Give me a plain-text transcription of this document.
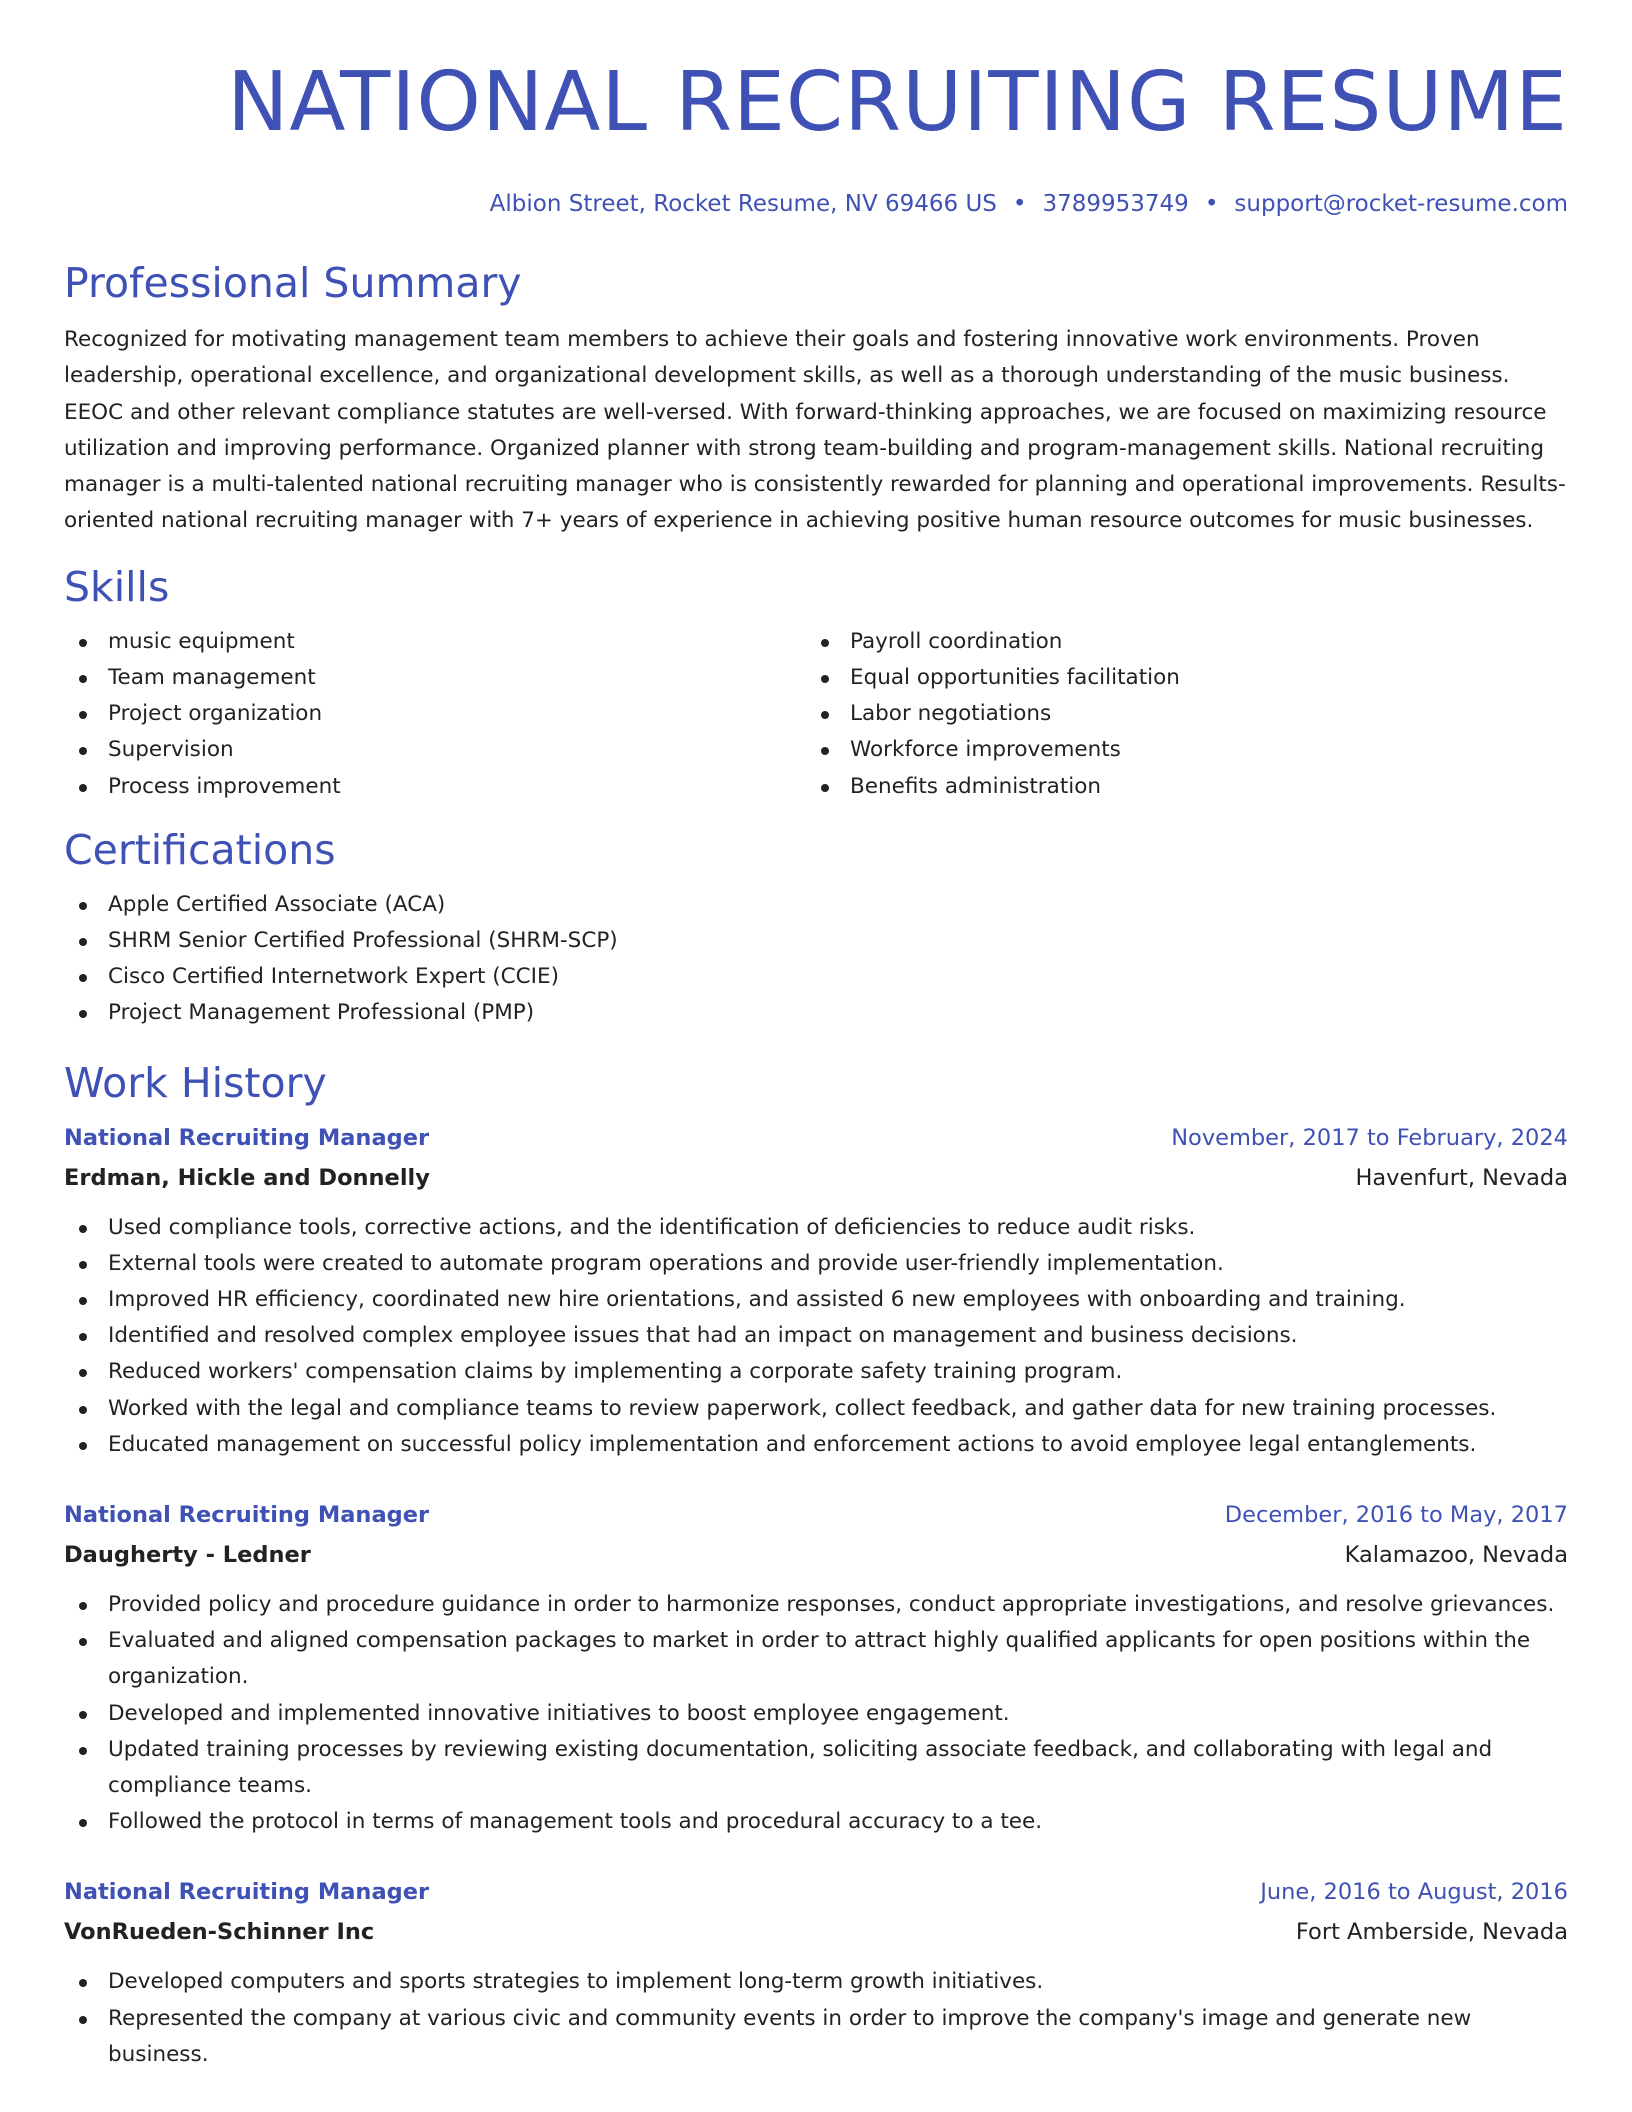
NATIONAL RECRUITING RESUME
Albion Street, Rocket Resume, NV 69466 US • 3789953749 • support@rocket-resume.com
Professional Summary

Recognized for motivating management team members to achieve their goals and fostering innovative work environments. Proven leadership, operational excellence, and organizational development skills, as well as a thorough understanding of the music business. EEOC and other relevant compliance statutes are well-versed. With forward-thinking approaches, we are focused on maximizing resource utilization and improving performance. Organized planner with strong team-building and program-management skills. National recruiting manager is a multi-talented national recruiting manager who is consistently rewarded for planning and operational improvements. Results-oriented national recruiting manager with 7+ years of experience in achieving positive human resource outcomes for music businesses.

Skills
music equipment
Team management
Project organization
Supervision
Process improvement
Payroll coordination
Equal opportunities facilitation
Labor negotiations
Workforce improvements
Benefits administration
Certifications
Apple Certified Associate (ACA)
SHRM Senior Certified Professional (SHRM-SCP)
Cisco Certified Internetwork Expert (CCIE)
Project Management Professional (PMP)
Work History
National Recruiting Manager	November, 2017 to February, 2024
Erdman, Hickle and Donnelly	Havenfurt, Nevada
Used compliance tools, corrective actions, and the identification of deficiencies to reduce audit risks.
External tools were created to automate program operations and provide user-friendly implementation.
Improved HR efficiency, coordinated new hire orientations, and assisted 6 new employees with onboarding and training.
Identified and resolved complex employee issues that had an impact on management and business decisions.
Reduced workers' compensation claims by implementing a corporate safety training program.
Worked with the legal and compliance teams to review paperwork, collect feedback, and gather data for new training processes.
Educated management on successful policy implementation and enforcement actions to avoid employee legal entanglements.
National Recruiting Manager	December, 2016 to May, 2017
Daugherty - Ledner	Kalamazoo, Nevada
Provided policy and procedure guidance in order to harmonize responses, conduct appropriate investigations, and resolve grievances.
Evaluated and aligned compensation packages to market in order to attract highly qualified applicants for open positions within the organization.
Developed and implemented innovative initiatives to boost employee engagement.
Updated training processes by reviewing existing documentation, soliciting associate feedback, and collaborating with legal and compliance teams.
Followed the protocol in terms of management tools and procedural accuracy to a tee.
National Recruiting Manager	June, 2016 to August, 2016
VonRueden-Schinner Inc	Fort Amberside, Nevada
Developed computers and sports strategies to implement long-term growth initiatives.
Represented the company at various civic and community events in order to improve the company's image and generate new business.
